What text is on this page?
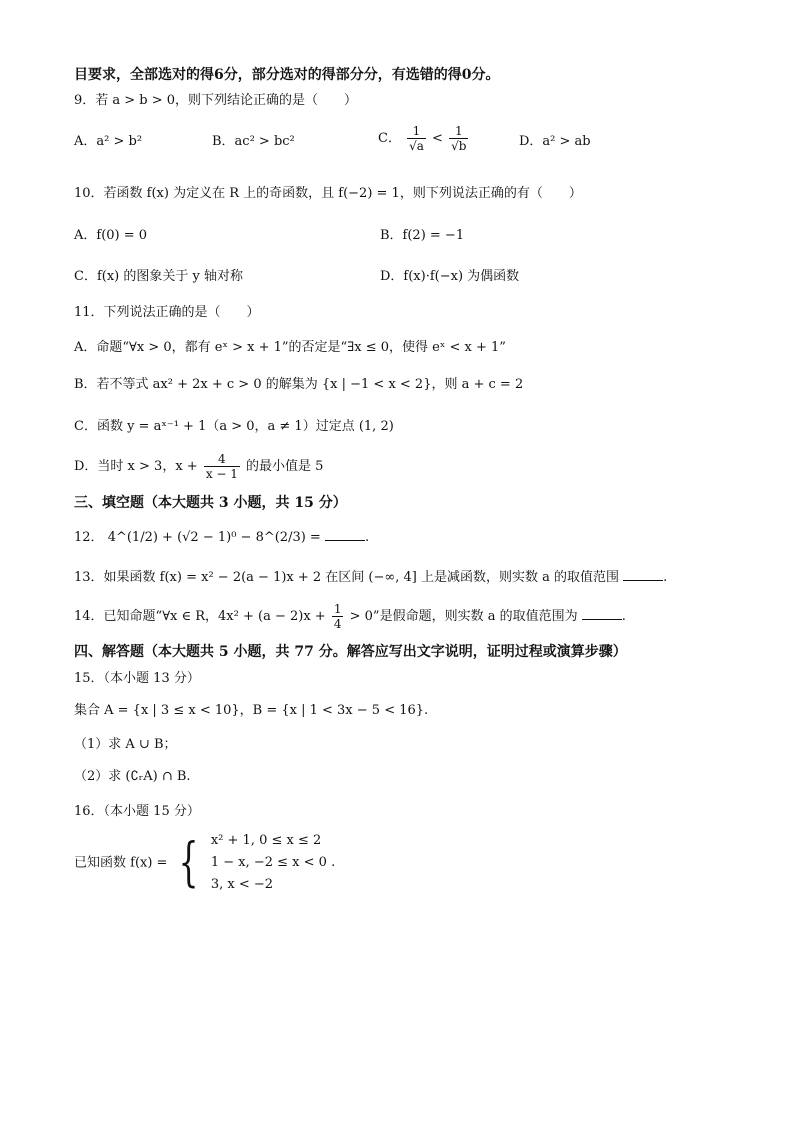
目要求，全部选对的得6分，部分选对的得部分分，有选错的得0分。
9．若 a > b > 0，则下列结论正确的是（　　）
A．a² > b²	B．ac² > bc²	C． $\frac{1}{√a} < \frac{1}{√b}$	D．a² > ab
10．若函数 f(x) 为定义在 R 上的奇函数，且 f(−2) = 1，则下列说法正确的有（　　）
A．f(0) = 0	B．f(2) = −1
C．f(x) 的图象关于 y 轴对称	D．f(x)·f(−x) 为偶函数
11．下列说法正确的是（　　）
A．命题“∀x > 0，都有 eˣ > x + 1”的否定是“∃x ≤ 0，使得 eˣ < x + 1”
B．若不等式 ax² + 2x + c > 0 的解集为 {x | −1 < x < 2}，则 a + c = 2
C．函数 y = aˣ⁻¹ + 1（a > 0，a ≠ 1）过定点 (1, 2)
D．当时 x > 3，$x + \frac{4}{x - 1}$ 的最小值是 5
三、填空题（本大题共 3 小题，共 15 分）
12． 4^(1/2) + (√2 − 1)⁰ − 8^(2/3) =	.
13．如果函数 f(x) = x² − 2(a − 1)x + 2 在区间 (−∞, 4] 上是减函数，则实数 a 的取值范围	.
14．已知命题“∀x ∈ R，$4x^2 + (a - 2)x + \frac{1}{4} > 0$”是假命题，则实数 a 的取值范围为	.
四、解答题（本大题共 5 小题，共 77 分。解答应写出文字说明，证明过程或演算步骤）
15．（本小题 13 分）
集合 A = {x | 3 ≤ x < 10}，B = {x | 1 < 3x − 5 < 16}.
（1）求 A ∪ B；
（2）求 (∁ᵣA) ∩ B.
16．（本小题 15 分）
已知函数 f(x) = { x² + 1, 0 ≤ x ≤ 2
1 − x, −2 ≤ x < 0 .
3, x < −2
